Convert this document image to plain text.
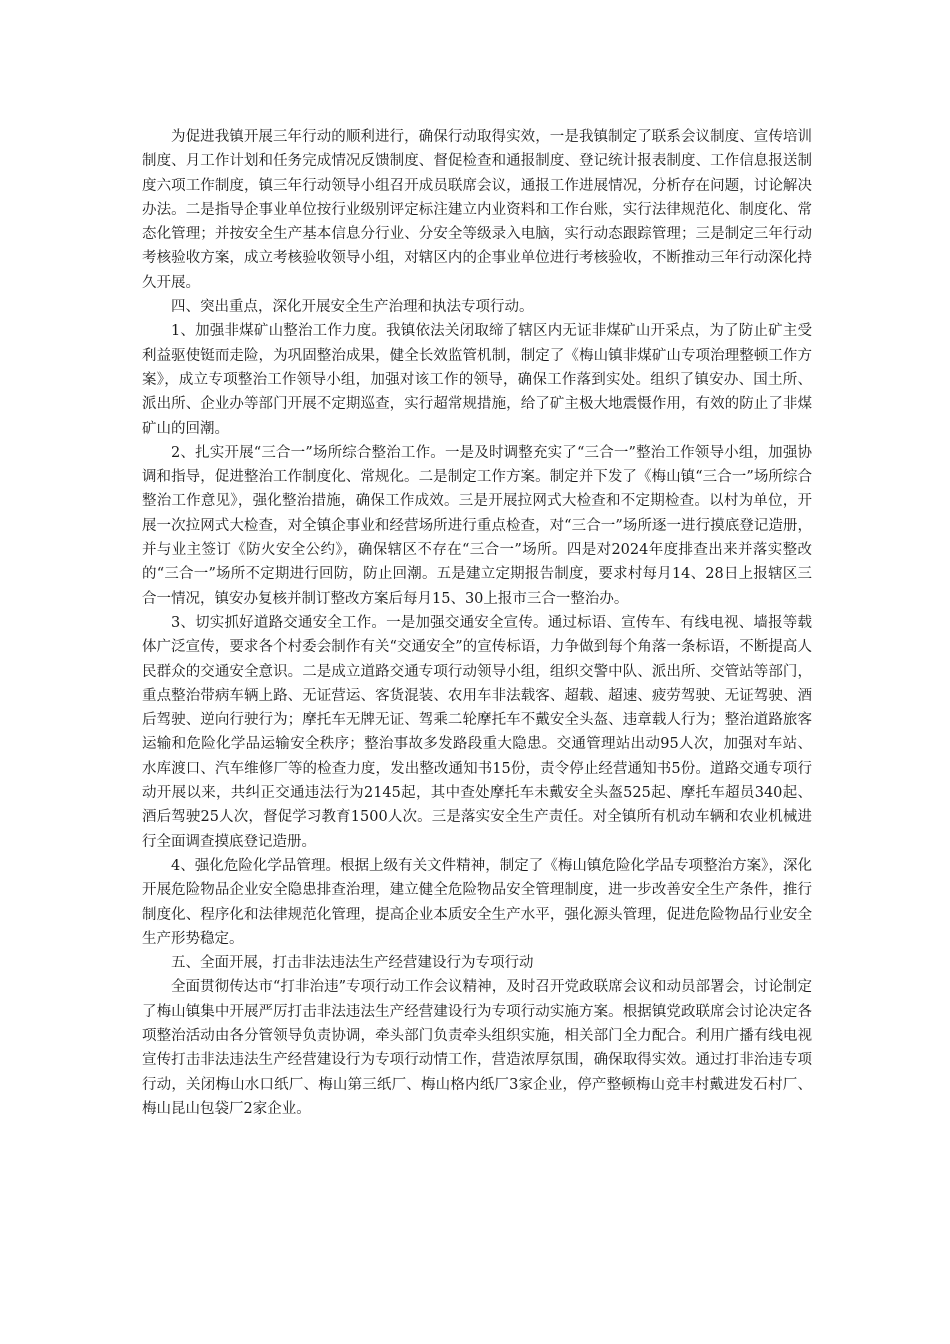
为促进我镇开展三年行动的顺利进行，确保行动取得实效，一是我镇制定了联系会议制度、宣传培训制度、月工作计划和任务完成情况反馈制度、督促检查和通报制度、登记统计报表制度、工作信息报送制度六项工作制度，镇三年行动领导小组召开成员联席会议，通报工作进展情况，分析存在问题，讨论解决办法。二是指导企事业单位按行业级别评定标注建立内业资料和工作台账，实行法律规范化、制度化、常态化管理；并按安全生产基本信息分行业、分安全等级录入电脑，实行动态跟踪管理；三是制定三年行动考核验收方案，成立考核验收领导小组，对辖区内的企事业单位进行考核验收，不断推动三年行动深化持久开展。

四、突出重点，深化开展安全生产治理和执法专项行动。

1、加强非煤矿山整治工作力度。我镇依法关闭取缔了辖区内无证非煤矿山开采点，为了防止矿主受利益驱使铤而走险，为巩固整治成果，健全长效监管机制，制定了《梅山镇非煤矿山专项治理整顿工作方案》，成立专项整治工作领导小组，加强对该工作的领导，确保工作落到实处。组织了镇安办、国土所、派出所、企业办等部门开展不定期巡查，实行超常规措施，给了矿主极大地震慑作用，有效的防止了非煤矿山的回潮。

2、扎实开展“三合一”场所综合整治工作。一是及时调整充实了“三合一”整治工作领导小组，加强协调和指导，促进整治工作制度化、常规化。二是制定工作方案。制定并下发了《梅山镇“三合一”场所综合整治工作意见》，强化整治措施，确保工作成效。三是开展拉网式大检查和不定期检查。以村为单位，开展一次拉网式大检查，对全镇企事业和经营场所进行重点检查，对“三合一”场所逐一进行摸底登记造册，并与业主签订《防火安全公约》，确保辖区不存在“三合一”场所。四是对2024年度排查出来并落实整改的“三合一”场所不定期进行回防，防止回潮。五是建立定期报告制度，要求村每月14、28日上报辖区三合一情况，镇安办复核并制订整改方案后每月15、30上报市三合一整治办。

3、切实抓好道路交通安全工作。一是加强交通安全宣传。通过标语、宣传车、有线电视、墙报等载体广泛宣传，要求各个村委会制作有关“交通安全”的宣传标语，力争做到每个角落一条标语，不断提高人民群众的交通安全意识。二是成立道路交通专项行动领导小组，组织交警中队、派出所、交管站等部门，重点整治带病车辆上路、无证营运、客货混装、农用车非法载客、超载、超速、疲劳驾驶、无证驾驶、酒后驾驶、逆向行驶行为；摩托车无牌无证、驾乘二轮摩托车不戴安全头盔、违章载人行为；整治道路旅客运输和危险化学品运输安全秩序；整治事故多发路段重大隐患。交通管理站出动95人次，加强对车站、水库渡口、汽车维修厂等的检查力度，发出整改通知书15份，责令停止经营通知书5份。道路交通专项行动开展以来，共纠正交通违法行为2145起，其中查处摩托车未戴安全头盔525起、摩托车超员340起、酒后驾驶25人次，督促学习教育1500人次。三是落实安全生产责任。对全镇所有机动车辆和农业机械进行全面调查摸底登记造册。

4、强化危险化学品管理。根据上级有关文件精神，制定了《梅山镇危险化学品专项整治方案》，深化开展危险物品企业安全隐患排查治理，建立健全危险物品安全管理制度，进一步改善安全生产条件，推行制度化、程序化和法律规范化管理，提高企业本质安全生产水平，强化源头管理，促进危险物品行业安全生产形势稳定。

五、全面开展，打击非法违法生产经营建设行为专项行动

全面贯彻传达市“打非治违”专项行动工作会议精神，及时召开党政联席会议和动员部署会，讨论制定了梅山镇集中开展严厉打击非法违法生产经营建设行为专项行动实施方案。根据镇党政联席会讨论决定各项整治活动由各分管领导负责协调，牵头部门负责牵头组织实施，相关部门全力配合。利用广播有线电视宣传打击非法违法生产经营建设行为专项行动情工作，营造浓厚氛围，确保取得实效。通过打非治违专项行动，关闭梅山水口纸厂、梅山第三纸厂、梅山格内纸厂3家企业，停产整顿梅山竞丰村戴进发石村厂、梅山昆山包袋厂2家企业。
